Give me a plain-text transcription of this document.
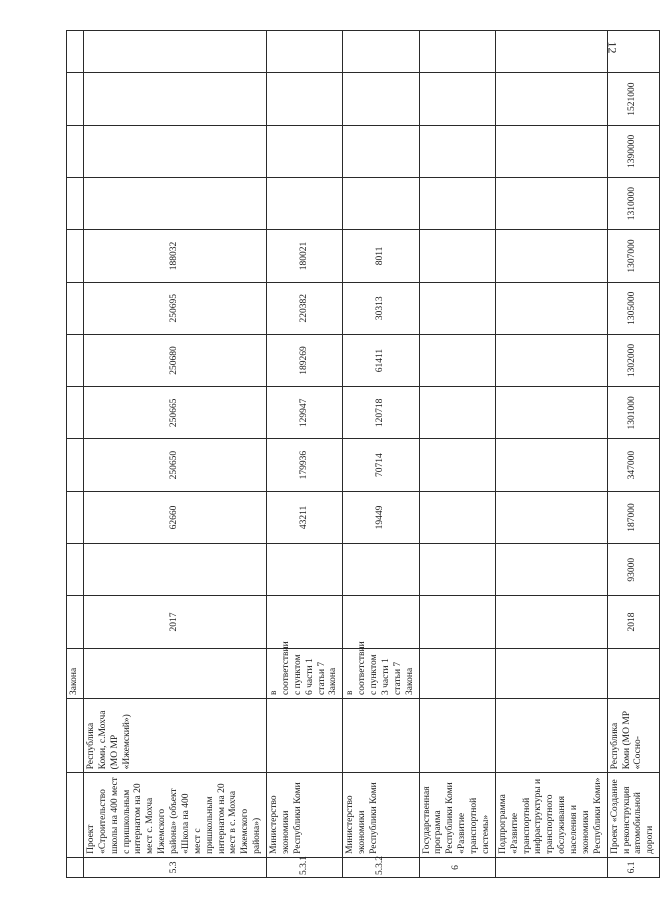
12
			Закона												
5.3	Проект «Строительство школы на 400 мест с пришкольным интернатом на 20 мест с. Мохча Ижемского района» (объект «Школа на 400 мест с пришкольным интернатом на 20 мест в с. Мохча Ижемского района»)	Республика Коми, с.Мохча (МО МР «Ижемский»)		2017		62660	250650	250665	250680	250695	188032				
5.3.1	Министерство экономики Республики Коми		в соответствии с пунктом 6 части 1 статьи 7 Закона			43211	179936	129947	189269	220382	180021				
5.3.2	Министерство экономики Республики Коми		в соответствии с пунктом 3 части 1 статьи 7 Закона			19449	70714	120718	61411	30313	8011				
6	Государственная программа Республики Коми «Развитие транспортной системы»														
	Подпрограмма «Развитие транспортной инфраструктуры и транспортного обслуживания населения и экономики Республики Коми»														
6.1	Проект «Создание и реконструкция автомобильной дороги	Республика Коми (МО МР «Сосно-		2018	93000	187000	347000	1301000	1302000	1305000	1307000	1310000	1390000	1521000	
